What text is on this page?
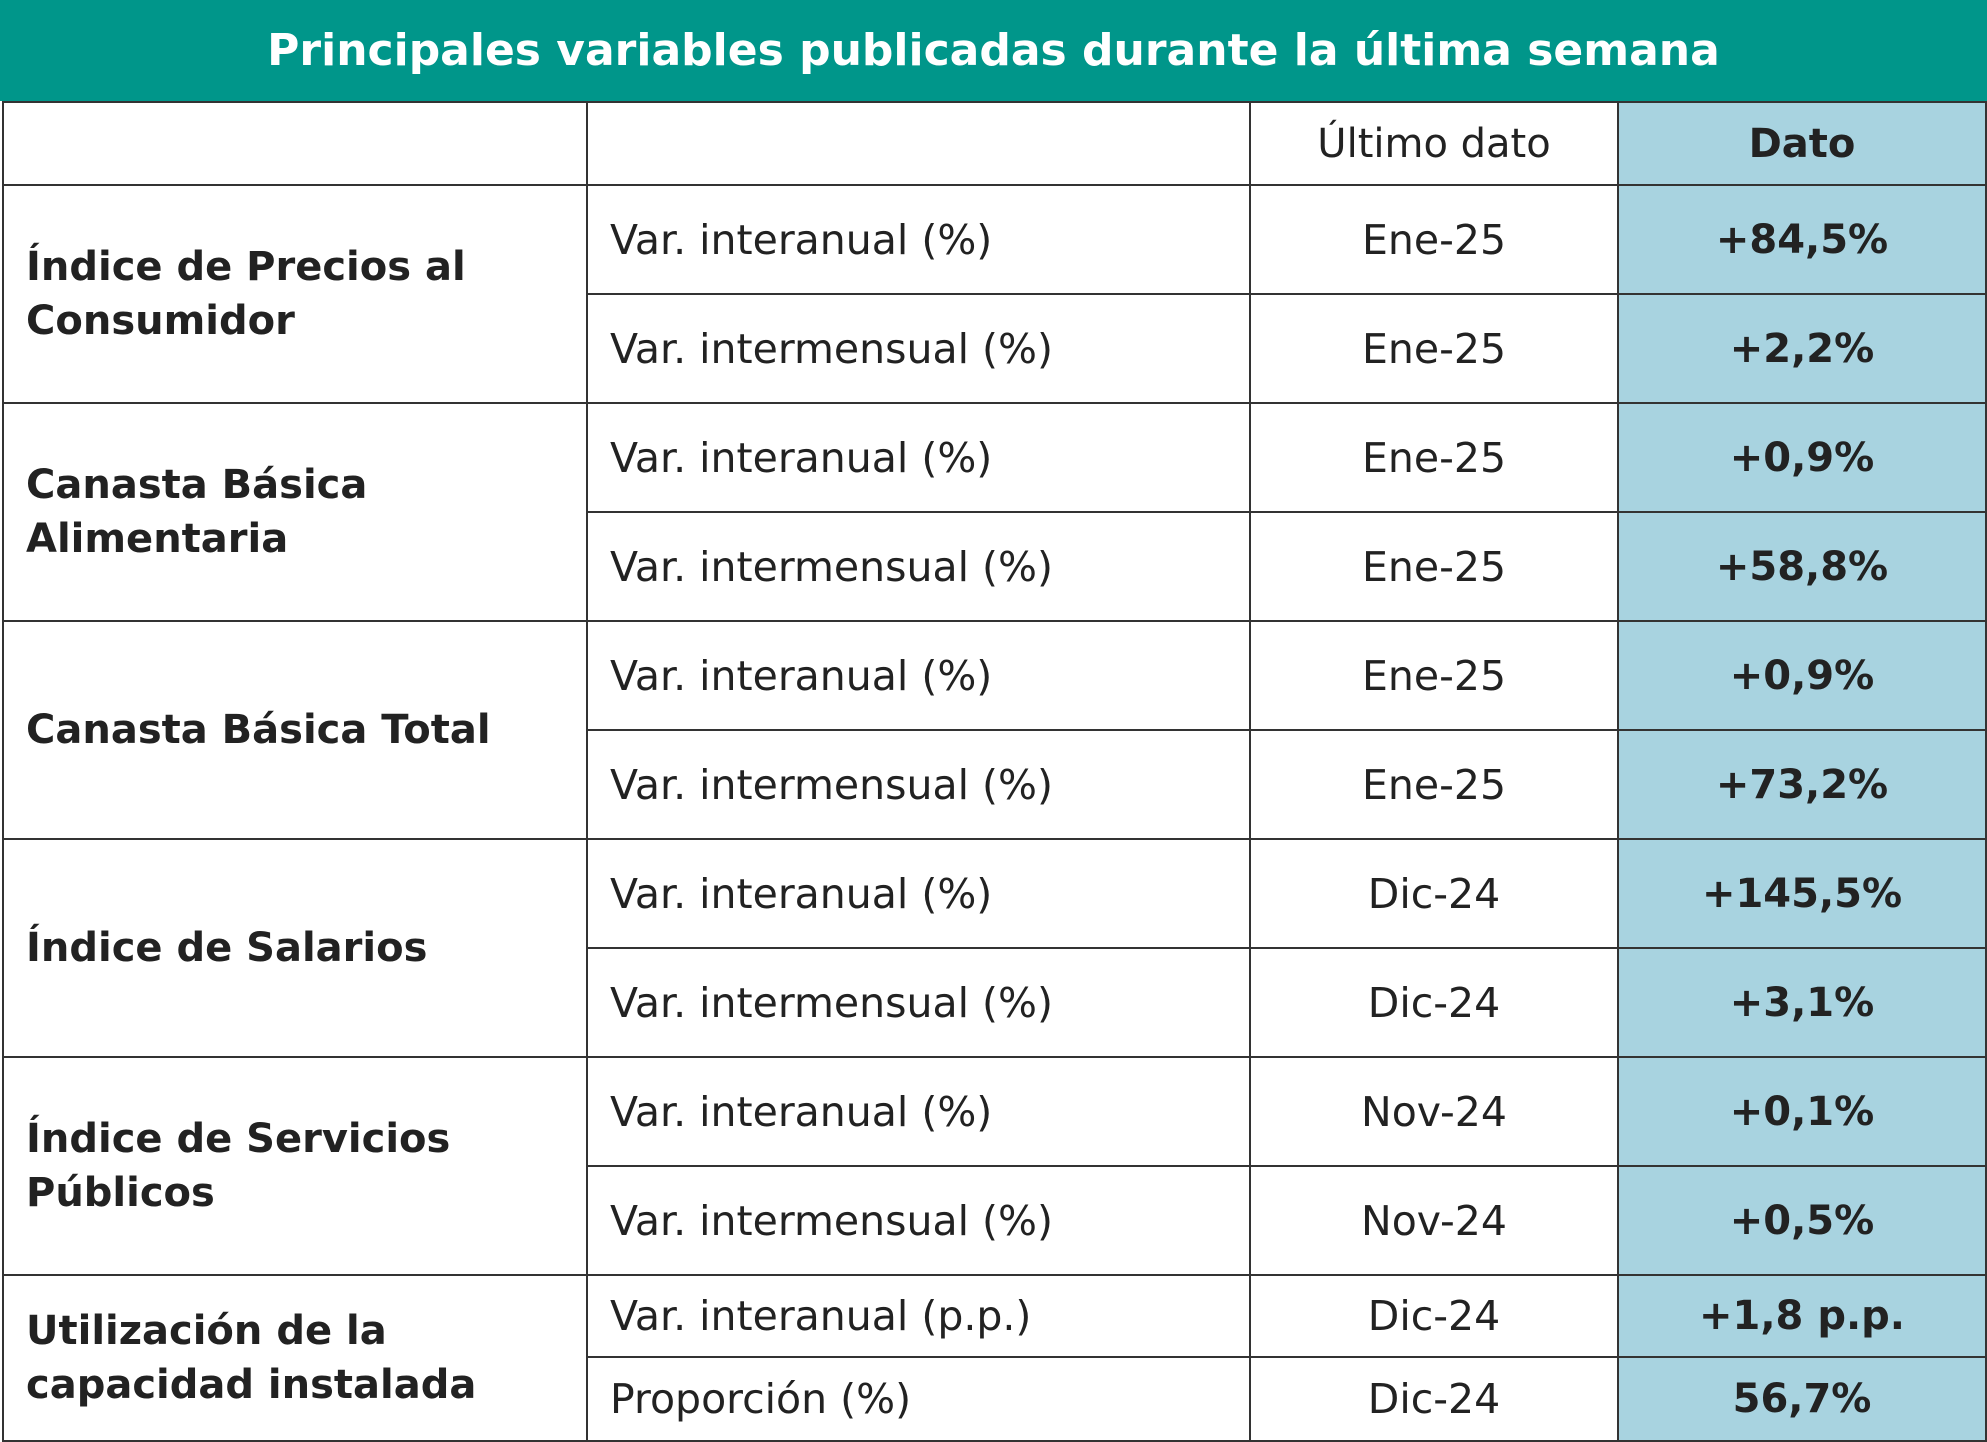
Principales variables publicadas durante la última semana
		Último dato	Dato
Índice de Precios al Consumidor	Var. interanual (%)	Ene-25	+84,5%
	Var. intermensual (%)	Ene-25	+2,2%
Canasta Básica Alimentaria	Var. interanual (%)	Ene-25	+0,9%
	Var. intermensual (%)	Ene-25	+58,8%
Canasta Básica Total	Var. interanual (%)	Ene-25	+0,9%
	Var. intermensual (%)	Ene-25	+73,2%
Índice de Salarios	Var. interanual (%)	Dic-24	+145,5%
	Var. intermensual (%)	Dic-24	+3,1%
Índice de Servicios Públicos	Var. interanual (%)	Nov-24	+0,1%
	Var. intermensual (%)	Nov-24	+0,5%
Utilización de la capacidad instalada	Var. interanual (p.p.)	Dic-24	+1,8 p.p.
	Proporción (%)	Dic-24	56,7%
